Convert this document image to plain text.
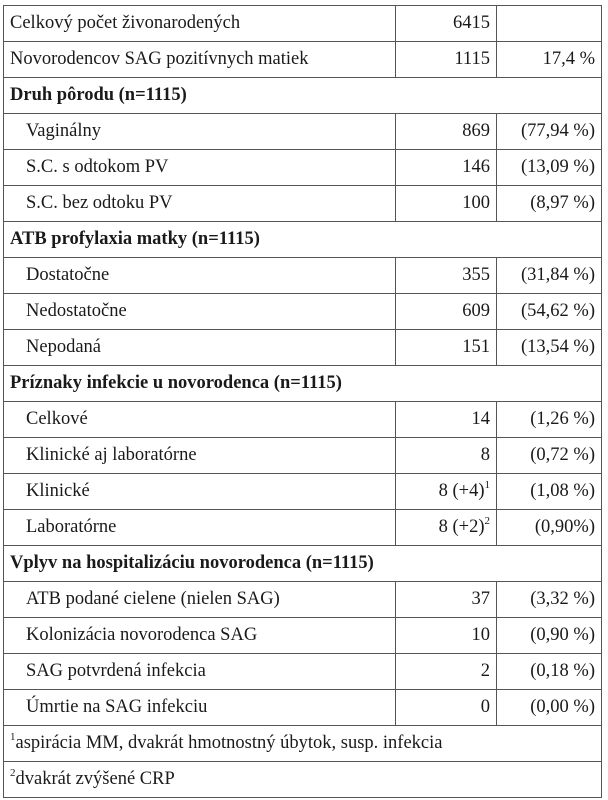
Celkový počet živonarodených	6415	
Novorodencov SAG pozitívnych matiek	1115	17,4 %
Druh pôrodu (n=1115)		
Vaginálny	869	(77,94 %)
S.C. s odtokom PV	146	(13,09 %)
S.C. bez odtoku PV	100	(8,97 %)
ATB profylaxia matky (n=1115)		
Dostatočne	355	(31,84 %)
Nedostatočne	609	(54,62 %)
Nepodaná	151	(13,54 %)
Príznaky infekcie u novorodenca (n=1115)		
Celkové	14	(1,26 %)
Klinické aj laboratórne	8	(0,72 %)
Klinické	8 $(+4)^1$	(1,08 %)
Laboratórne	8 $(+2)^2$	(0,90%)
Vplyv na hospitalizáciu novorodenca (n=1115)		
ATB podané cielene (nielen SAG)	37	(3,32 %)
Kolonizácia novorodenca SAG	10	(0,90 %)
SAG potvrdená infekcia	2	(0,18 %)
Úmrtie na SAG infekciu	0	(0,00 %)
$^1$aspirácia MM, dvakrát hmotnostný úbytok, susp. infekcia		
$^2$dvakrát zvýšené CRP		
